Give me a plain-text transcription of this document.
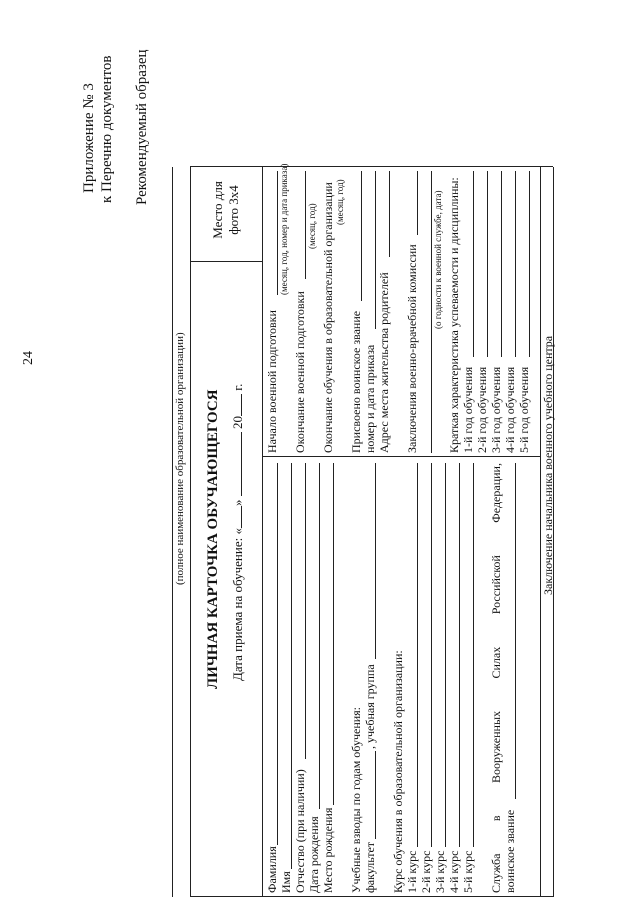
24
Приложение № 3 к Перечню документов Рекомендуемый образец
(полное наименование образовательной организации) ЛИЧНАЯ КАРТОЧКА ОБУЧАЮЩЕГОСЯ Дата приема на обучение: «»  20 г.
Место для фото 3x4
Фамилия Имя Отчество (при наличии) Дата рождения Место рождения Учебные взводы по годам обучения: факультет
, учебная группа Курс обучения в образовательной организации: 1-й курс 2-й курс 3-й курс 4-й курс 5-й курс Служба
в
Вооруженных
Силах
Российской
Федерации,
воинское звание
Начало военной подготовки
(месяц, год, номер и дата приказа)
Окончание военной подготовки
(месяц, год) Окончание обучения в образовательной организации (месяц, год)
Присвоено воинское звание номер и дата приказа Адрес места жительства родителей Заключения военно-врачебной комиссии (о годности к военной службе, дата) Краткая характеристика успеваемости и дисциплины: 1-й год обучения 2-й год обучения 3-й год обучения 4-й год обучения 5-й год обучения Заключение начальника военного учебного центра
